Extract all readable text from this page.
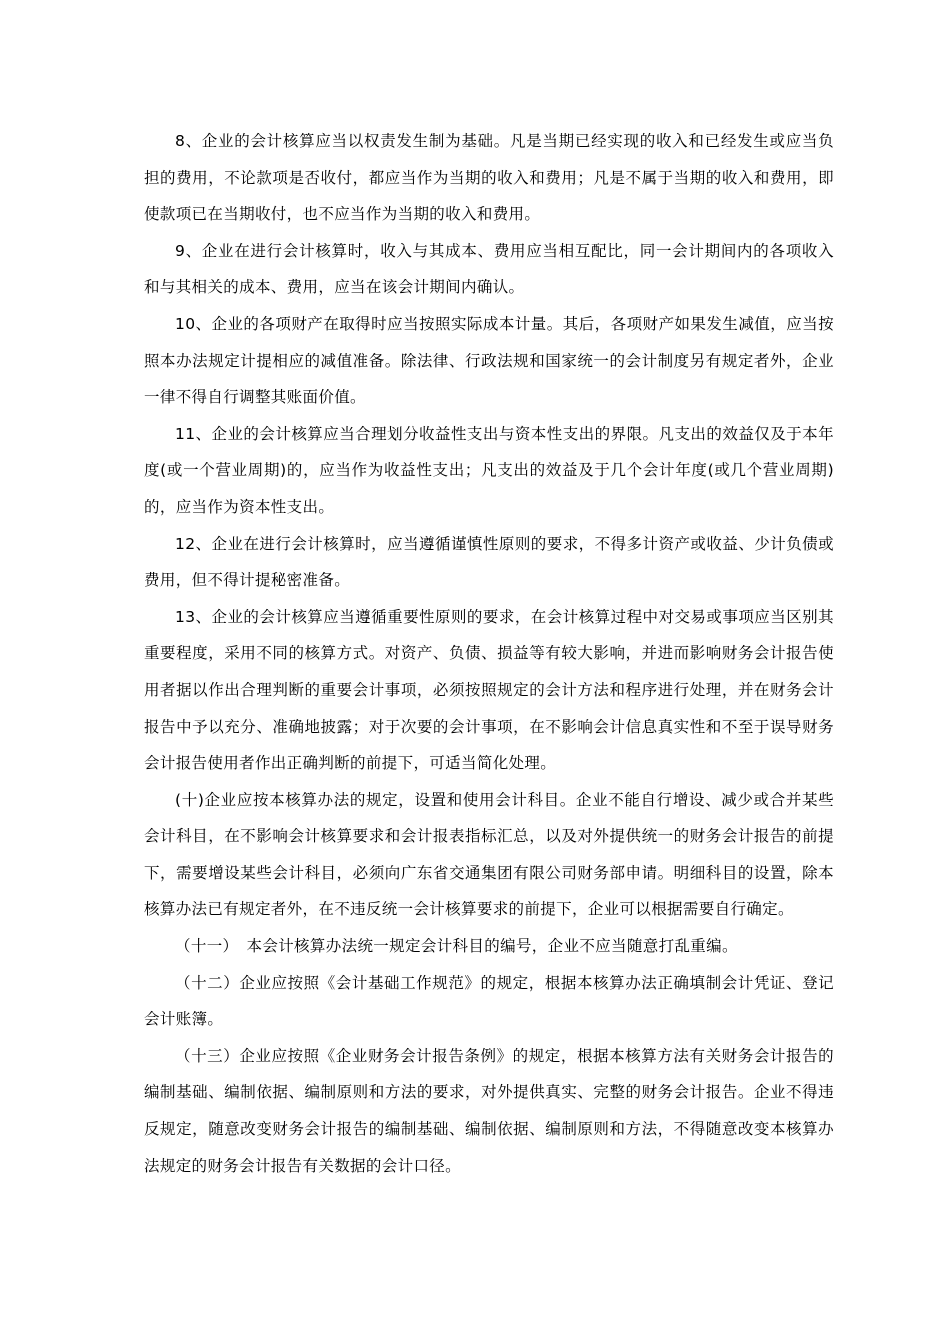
8、企业的会计核算应当以权责发生制为基础。凡是当期已经实现的收入和已经发生或应当负担的费用，不论款项是否收付，都应当作为当期的收入和费用；凡是不属于当期的收入和费用，即使款项已在当期收付，也不应当作为当期的收入和费用。

9、企业在进行会计核算时，收入与其成本、费用应当相互配比，同一会计期间内的各项收入和与其相关的成本、费用，应当在该会计期间内确认。

10、企业的各项财产在取得时应当按照实际成本计量。其后，各项财产如果发生减值，应当按照本办法规定计提相应的减值准备。除法律、行政法规和国家统一的会计制度另有规定者外，企业一律不得自行调整其账面价值。

11、企业的会计核算应当合理划分收益性支出与资本性支出的界限。凡支出的效益仅及于本年度(或一个营业周期)的，应当作为收益性支出；凡支出的效益及于几个会计年度(或几个营业周期)的，应当作为资本性支出。

12、企业在进行会计核算时，应当遵循谨慎性原则的要求，不得多计资产或收益、少计负债或费用，但不得计提秘密准备。

13、企业的会计核算应当遵循重要性原则的要求，在会计核算过程中对交易或事项应当区别其重要程度，采用不同的核算方式。对资产、负债、损益等有较大影响，并进而影响财务会计报告使用者据以作出合理判断的重要会计事项，必须按照规定的会计方法和程序进行处理，并在财务会计报告中予以充分、准确地披露；对于次要的会计事项，在不影响会计信息真实性和不至于误导财务会计报告使用者作出正确判断的前提下，可适当简化处理。

(十)企业应按本核算办法的规定，设置和使用会计科目。企业不能自行增设、减少或合并某些会计科目，在不影响会计核算要求和会计报表指标汇总，以及对外提供统一的财务会计报告的前提下，需要增设某些会计科目，必须向广东省交通集团有限公司财务部申请。明细科目的设置，除本核算办法已有规定者外，在不违反统一会计核算要求的前提下，企业可以根据需要自行确定。

（十一）　本会计核算办法统一规定会计科目的编号，企业不应当随意打乱重编。

（十二）企业应按照《会计基础工作规范》的规定，根据本核算办法正确填制会计凭证、登记会计账簿。

（十三）企业应按照《企业财务会计报告条例》的规定，根据本核算方法有关财务会计报告的编制基础、编制依据、编制原则和方法的要求，对外提供真实、完整的财务会计报告。企业不得违反规定，随意改变财务会计报告的编制基础、编制依据、编制原则和方法，不得随意改变本核算办法规定的财务会计报告有关数据的会计口径。
